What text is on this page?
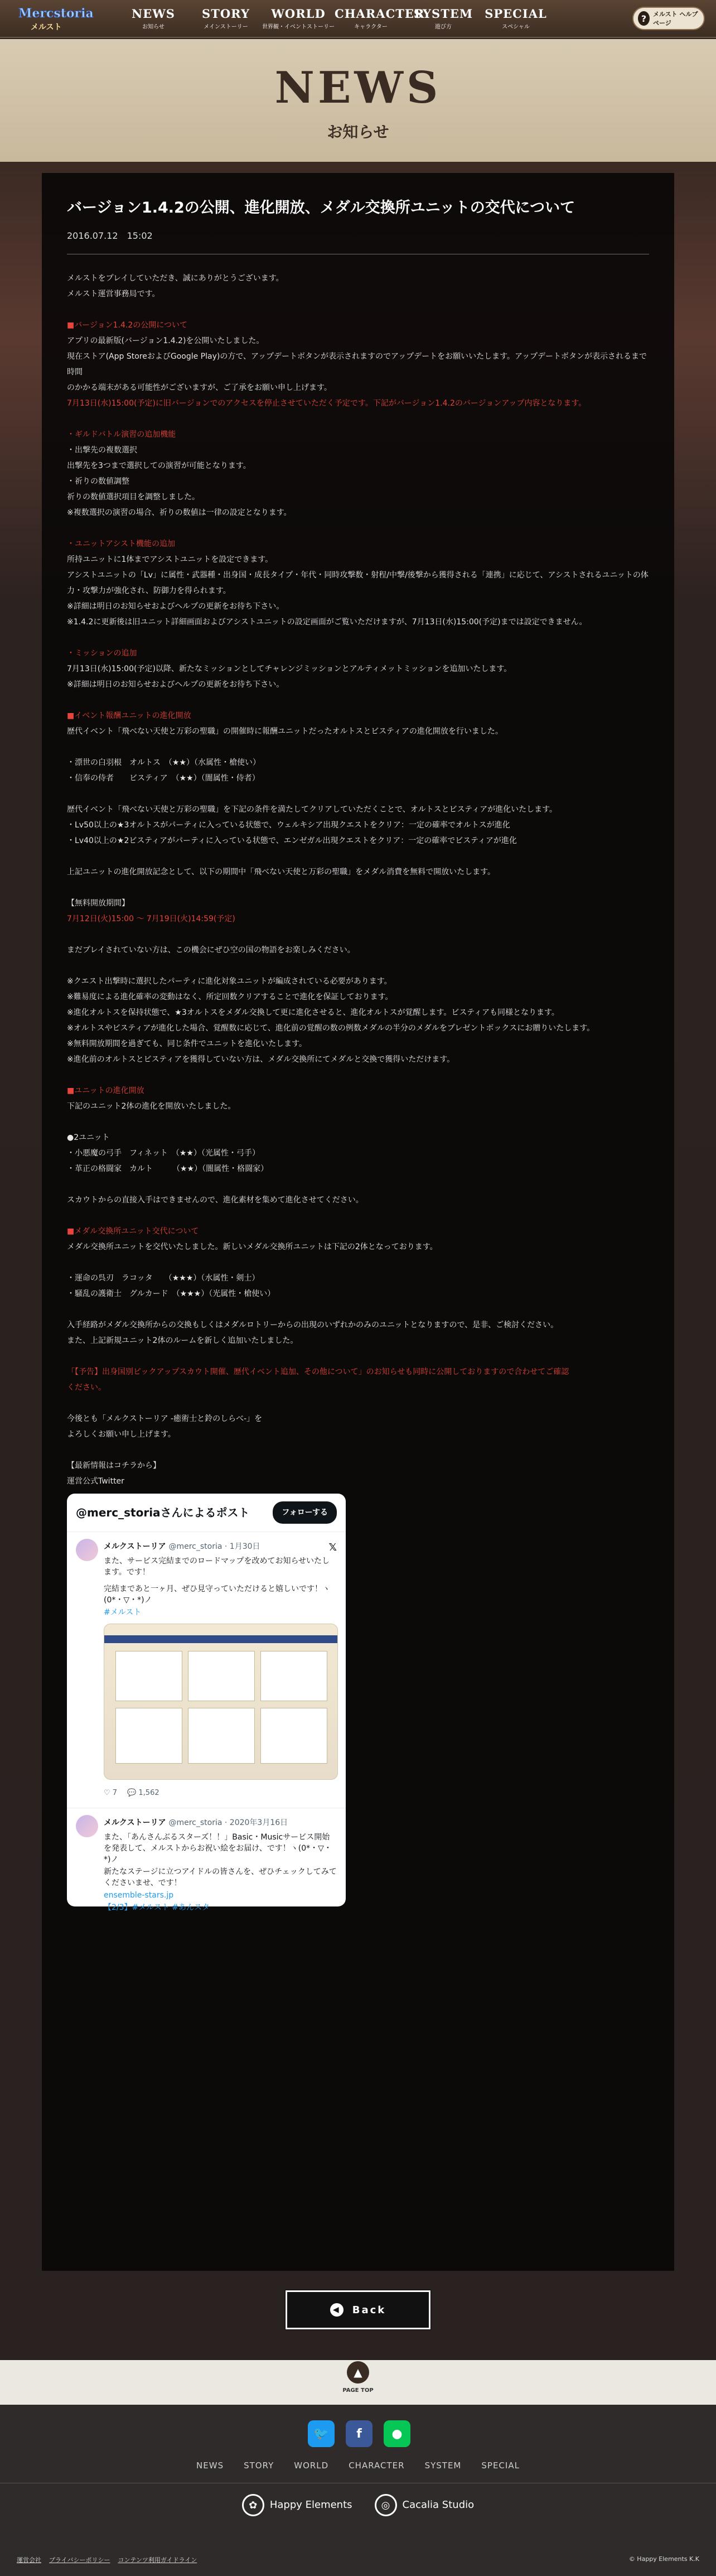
Mercstoria
メルスト
NEWS
お知らせ
STORY
メインストーリー
WORLD
世界観・イベントストーリー
CHARACTER
キャラクター
SYSTEM
遊び方
SPECIAL
スペシャル
?	メルスト ヘルプページ
NEWS
お知らせ
バージョン1.4.2の公開、進化開放、メダル交換所ユニットの交代について
2016.07.12　15:02

メルストをプレイしていただき、誠にありがとうございます。

メルスト運営事務局です。

■バージョン1.4.2の公開について

アプリの最新版(バージョン1.4.2)を公開いたしました。

現在ストア(App StoreおよびGoogle Play)の方で、アップデートボタンが表示されますのでアップデートをお願いいたします。アップデートボタンが表示されるまで時間

のかかる端末がある可能性がございますが、ご了承をお願い申し上げます。

7月13日(水)15:00(予定)に旧バージョンでのアクセスを停止させていただく予定です。下記がバージョン1.4.2のバージョンアップ内容となります。

・ギルドバトル演習の追加機能

・出撃先の複数選択

出撃先を3つまで選択しての演習が可能となります。

・祈りの数値調整

祈りの数値選択項目を調整しました。

※複数選択の演習の場合、祈りの数値は一律の設定となります。

・ユニットアシスト機能の追加

所持ユニットに1体までアシストユニットを設定できます。

アシストユニットの「Lv」に属性・武器種・出身国・成長タイプ・年代・同時攻撃数・射程/中撃/後撃から獲得される「連携」に応じて、アシストされるユニットの体

力・攻撃力が強化され、防御力を得られます。

※詳細は明日のお知らせおよびヘルプの更新をお待ち下さい。

※1.4.2に更新後は旧ユニット詳細画面およびアシストユニットの設定画面がご覧いただけますが、7月13日(水)15:00(予定)までは設定できません。

・ミッションの追加

7月13日(水)15:00(予定)以降、新たなミッションとしてチャレンジミッションとアルティメットミッションを追加いたします。

※詳細は明日のお知らせおよびヘルプの更新をお待ち下さい。

■イベント報酬ユニットの進化開放

歴代イベント「飛べない天使と万彩の聖職」の開催時に報酬ユニットだったオルトスとビスティアの進化開放を行いました。

・漂世の白羽根　オルトス　（★★）（水属性・槍使い）

・信奉の侍者　　ビスティア　（★★）（闇属性・侍者）

歴代イベント「飛べない天使と万彩の聖職」を下記の条件を満たしてクリアしていただくことで、オルトスとビスティアが進化いたします。

・Lv50以上の★3オルトスがパーティに入っている状態で、ウェルキシア出現クエストをクリア：一定の確率でオルトスが進化

・Lv40以上の★2ビスティアがパーティに入っている状態で、エンゼガル出現クエストをクリア：一定の確率でビスティアが進化

上記ユニットの進化開放記念として、以下の期間中「飛べない天使と万彩の聖職」をメダル消費を無料で開放いたします。

【無料開放期間】

7月12日(火)15:00 ～ 7月19日(火)14:59(予定)

まだプレイされていない方は、この機会にぜひ空の国の物語をお楽しみください。

※クエスト出撃時に選択したパーティに進化対象ユニットが編成されている必要があります。

※難易度による進化確率の変動はなく、所定回数クリアすることで進化を保証しております。

※進化オルトスを保持状態で、★3オルトスをメダル交換して更に進化させると、進化オルトスが覚醒します。ビスティアも同様となります。

※オルトスやビスティアが進化した場合、覚醒数に応じて、進化前の覚醒の数の例数メダルの半分のメダルをプレゼントボックスにお贈りいたします。

※無料開放期間を過ぎても、同じ条件でユニットを進化いたします。

※進化前のオルトスとビスティアを獲得していない方は、メダル交換所にてメダルと交換で獲得いただけます。

■ユニットの進化開放

下記のユニット2体の進化を開放いたしました。

●2ユニット

・小悪魔の弓手　フィネット　（★★）（光属性・弓手）

・革正の格闘家　カルト　　　（★★）（闇属性・格闘家）

スカウトからの直接入手はできませんので、進化素材を集めて進化させてください。

■メダル交換所ユニット交代について

メダル交換所ユニットを交代いたしました。新しいメダル交換所ユニットは下記の2体となっております。

・運命の呉刃　ラコッタ　　（★★★）（水属性・剣士）

・騒乱の護衛士　グルカード　（★★★）（光属性・槍使い）

入手経路がメダル交換所からの交換もしくはメダルロトリーからの出現のいずれかのみのユニットとなりますので、是非、ご検討ください。

また、上記新規ユニット2体のルームを新しく追加いたしました。

「【予告】出身国別ピックアップスカウト開催、歴代イベント追加、その他について」のお知らせも同時に公開しておりますので合わせてご確認

ください。

今後とも「メルクストーリア -癒術士と鈴のしらべ-」を

よろしくお願い申し上げます。

【最新情報はコチラから】

運営公式Twitter

@merc_storiaさんによるポスト	フォローする
𝕏
メルクストーリア @merc_storia · 1月30日
また、サービス完結までのロードマップを改めてお知らせいたします。です！
完結まであと一ヶ月、ぜひ見守っていただけると嬉しいです！ヽ(0*・▽・*)ノ
#メルスト
♡ 7 💬 1,562
メルクストーリア @merc_storia · 2020年3月16日
また、「あんさんぶるスターズ！！」Basic・Musicサービス開始を発表して、メルストからお祝い絵をお届け、です！ヽ(0*・▽・*)ノ
新たなステージに立つアイドルの皆さんを、ぜひチェックしてみてくださいませ、です！
ensemble-stars.jp
【2/3】#メルスト #あんスタ
◀ Back
▲
PAGE TOP
🐦	f	●
NEWS STORY WORLD CHARACTER SYSTEM SPECIAL
✿	Happy Elements	◎	Cacalia Studio
運営会社 プライバシーポリシー コンテンツ利用ガイドライン	© Happy Elements K.K
